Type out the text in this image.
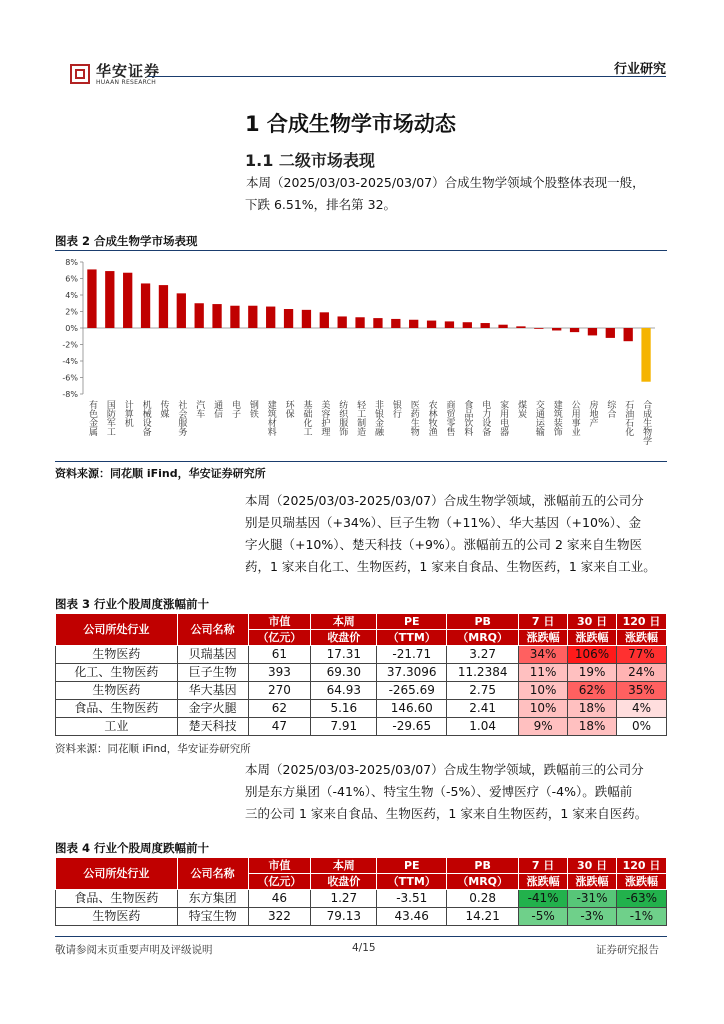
华安证券
HUAAN RESEARCH
行业研究
1 合成生物学市场动态
1.1 二级市场表现
本周（2025/03/03-2025/03/07）合成生物学领域个股整体表现一般，
下跌 6.51%，排名第 32。
图表 2 合成生物学市场表现
8%
6%
4%
2%
0%
-2%
-4%
-6%
-8%
有色金属 国防军工 计算机 机械设备 传媒 社会服务 汽车 通信 电子 钢铁 建筑材料 环保 基础化工 美容护理 纺织服饰 轻工制造 非银金融 银行 医药生物 农林牧渔 商贸零售 食品饮料 电力设备 家用电器 煤炭 交通运输 建筑装饰 公用事业 房地产 综合 石油石化 合成生物学
资料来源：同花顺 iFind，华安证券研究所
本周（2025/03/03-2025/03/07）合成生物学领域，涨幅前五的公司分
别是贝瑞基因（+34%）、巨子生物（+11%）、华大基因（+10%）、金
字火腿（+10%）、楚天科技（+9%）。涨幅前五的公司 2 家来自生物医
药，1 家来自化工、生物医药，1 家来自食品、生物医药，1 家来自工业。
图表 3 行业个股周度涨幅前十
公司所处行业	公司名称	市值	本周	PE	PB	7 日	30 日	120 日
		（亿元）	收盘价	（TTM）	（MRQ）	涨跌幅	涨跌幅	涨跌幅
生物医药	贝瑞基因	61	17.31	-21.71	3.27	34%	106%	77%
化工、生物医药	巨子生物	393	69.30	37.3096	11.2384	11%	19%	24%
生物医药	华大基因	270	64.93	-265.69	2.75	10%	62%	35%
食品、生物医药	金字火腿	62	5.16	146.60	2.41	10%	18%	4%
工业	楚天科技	47	7.91	-29.65	1.04	9%	18%	0%
资料来源：同花顺 iFind，华安证券研究所
本周（2025/03/03-2025/03/07）合成生物学领域，跌幅前三的公司分
别是东方巢团（-41%）、特宝生物（-5%）、爱博医疗（-4%）。跌幅前
三的公司 1 家来自食品、生物医药，1 家来自生物医药，1 家来自医药。
图表 4 行业个股周度跌幅前十
公司所处行业	公司名称	市值	本周	PE	PB	7 日	30 日	120 日
		（亿元）	收盘价	（TTM）	（MRQ）	涨跌幅	涨跌幅	涨跌幅
食品、生物医药	东方集团	46	1.27	-3.51	0.28	-41%	-31%	-63%
生物医药	特宝生物	322	79.13	43.46	14.21	-5%	-3%	-1%
敬请参阅末页重要声明及评级说明	4/15	证券研究报告
